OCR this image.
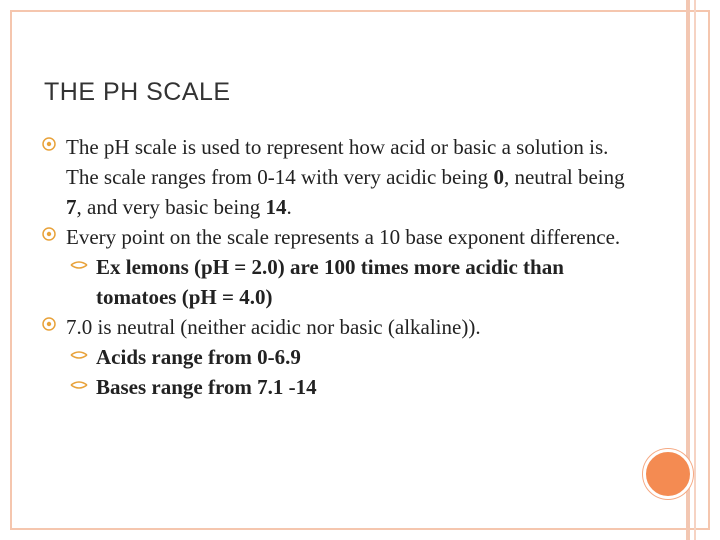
THE PH SCALE
The pH scale is used to represent how acid or basic a solution is. The scale ranges from 0-14 with very acidic being 0, neutral being 7, and very basic being 14.
Every point on the scale represents a 10 base exponent difference.
Ex lemons (pH = 2.0) are 100 times more acidic than tomatoes (pH = 4.0)
7.0 is neutral (neither acidic nor basic (alkaline)).
Acids range from 0-6.9
Bases range from 7.1 -14
